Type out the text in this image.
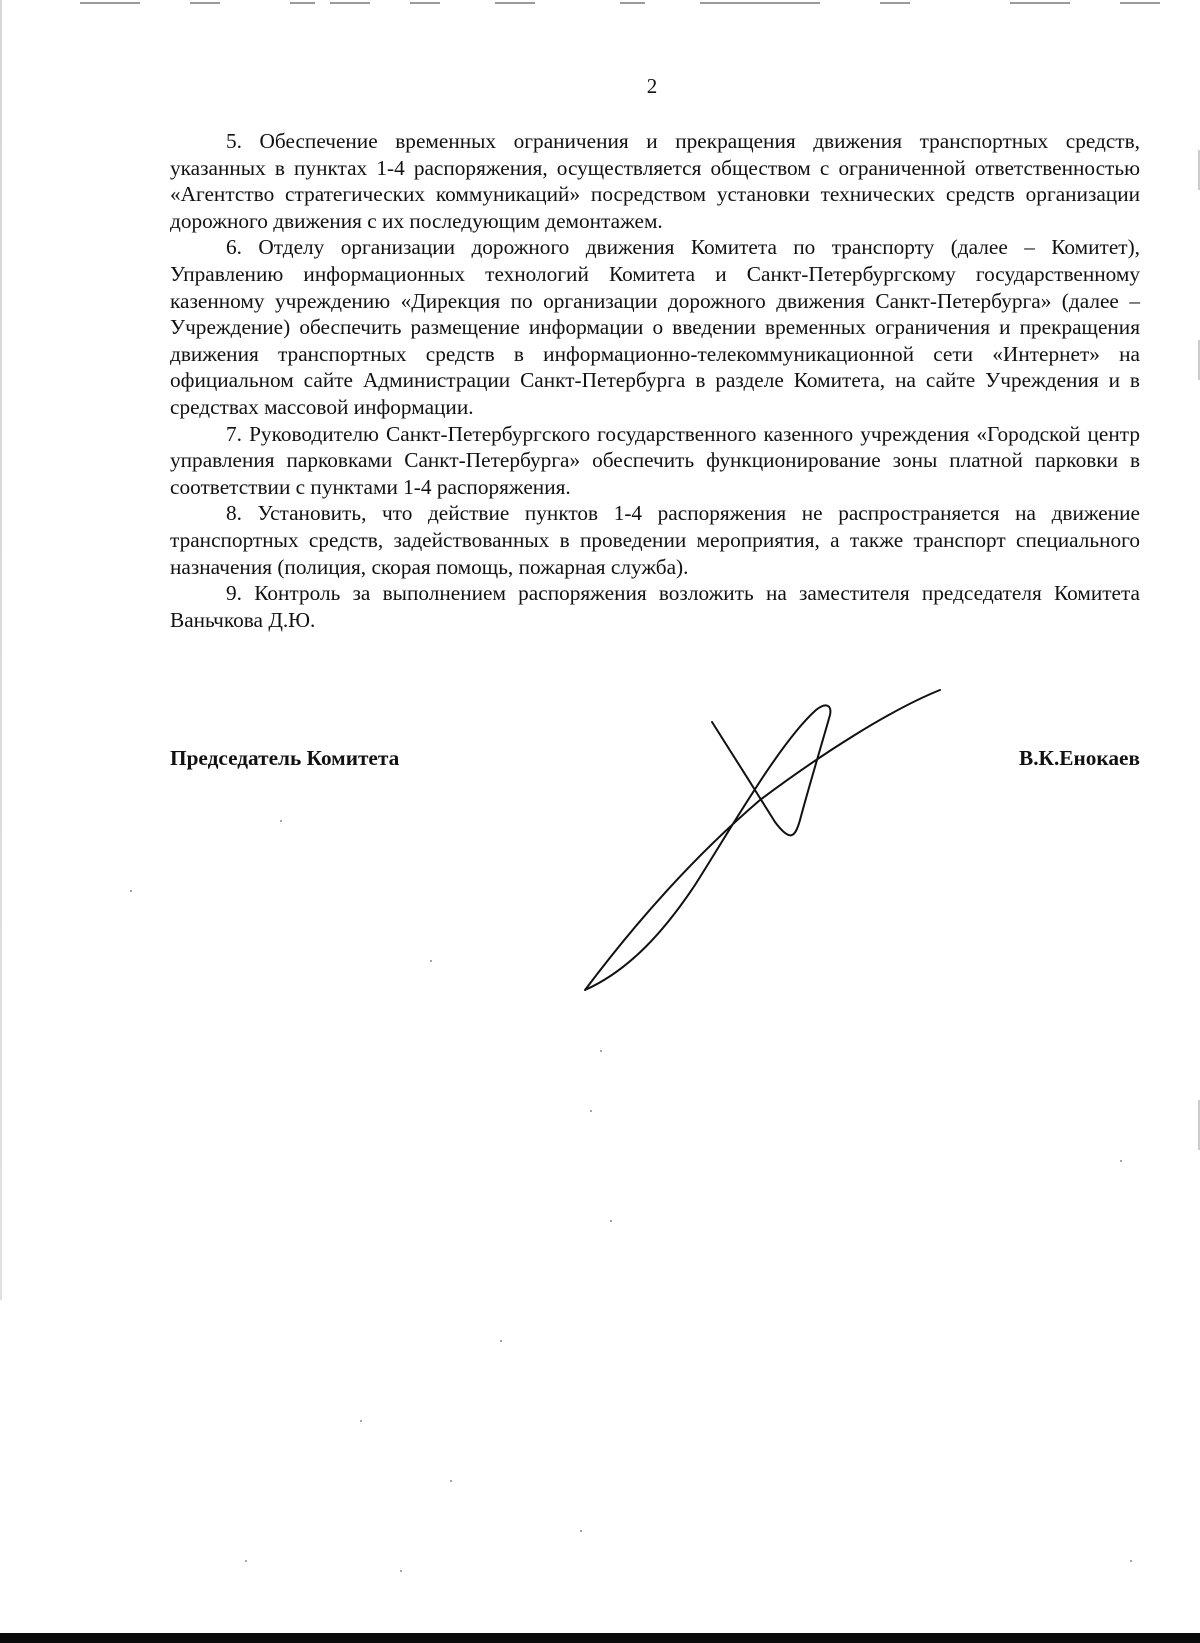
2

5. Обеспечение временных ограничения и прекращения движения транспортных средств, указанных в пунктах 1-4 распоряжения, осуществляется обществом с ограниченной ответственностью «Агентство стратегических коммуникаций» посредством установки технических средств организации дорожного движения с их последующим демонтажем.

6. Отделу организации дорожного движения Комитета по транспорту (далее – Комитет), Управлению информационных технологий Комитета и Санкт-Петербургскому государственному казенному учреждению «Дирекция по организации дорожного движения Санкт-Петербурга» (далее – Учреждение) обеспечить размещение информации о введении временных ограничения и прекращения движения транспортных средств в информационно-телекоммуникационной сети «Интернет» на официальном сайте Администрации Санкт-Петербурга в разделе Комитета, на сайте Учреждения и в средствах массовой информации.

7. Руководителю Санкт-Петербургского государственного казенного учреждения «Городской центр управления парковками Санкт-Петербурга» обеспечить функционирование зоны платной парковки в соответствии с пунктами 1-4 распоряжения.

8. Установить, что действие пунктов 1-4 распоряжения не распространяется на движение транспортных средств, задействованных в проведении мероприятия, а также транспорт специального назначения (полиция, скорая помощь, пожарная служба).

9. Контроль за выполнением распоряжения возложить на заместителя председателя Комитета Ваньчкова Д.Ю.

Председатель Комитета	В.К.Енокаев
